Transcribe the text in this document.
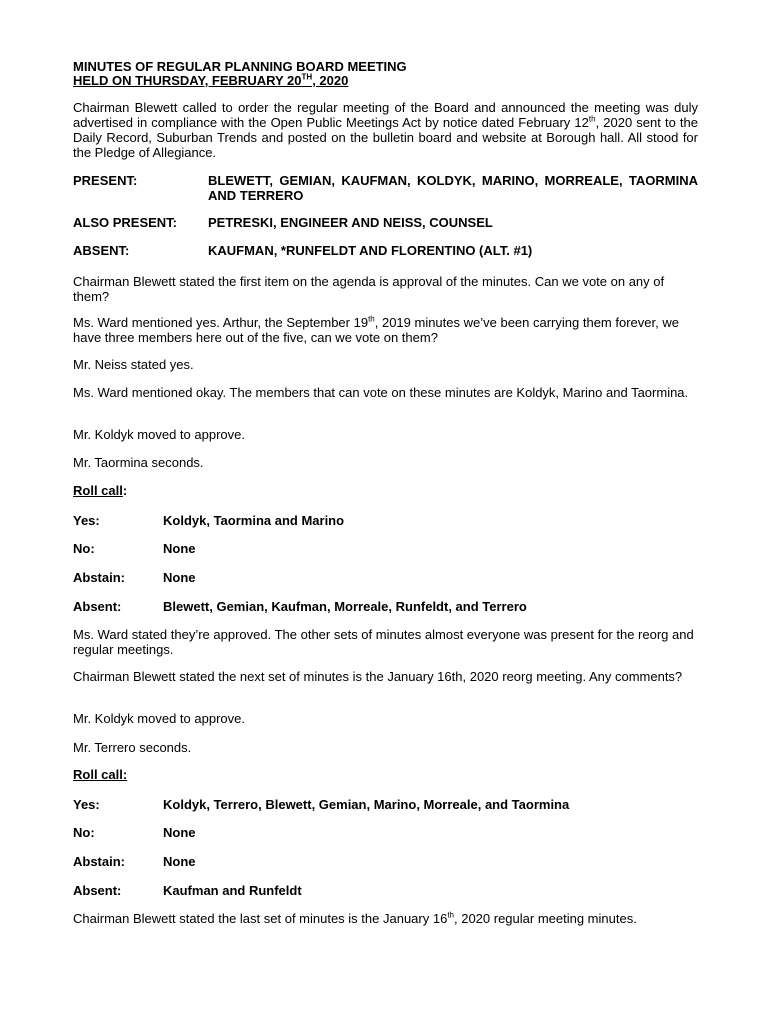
MINUTES OF REGULAR PLANNING BOARD MEETING
HELD ON THURSDAY, FEBRUARY 20TH, 2020
Chairman Blewett called to order the regular meeting of the Board and announced the meeting was duly advertised in compliance with the Open Public Meetings Act by notice dated February 12th, 2020 sent to the Daily Record, Suburban Trends and posted on the bulletin board and website at Borough hall. All stood for the Pledge of Allegiance.
PRESENT:	BLEWETT, GEMIAN, KAUFMAN, KOLDYK, MARINO, MORREALE, TAORMINA AND TERRERO
ALSO PRESENT: PETRESKI, ENGINEER AND NEISS, COUNSEL
ABSENT:	KAUFMAN, *RUNFELDT AND FLORENTINO (ALT. #1)
Chairman Blewett stated the first item on the agenda is approval of the minutes. Can we vote on any of them?
Ms. Ward mentioned yes. Arthur, the September 19th, 2019 minutes we’ve been carrying them forever, we have three members here out of the five, can we vote on them?
Mr. Neiss stated yes.
Ms. Ward mentioned okay. The members that can vote on these minutes are Koldyk, Marino and Taormina.
Mr. Koldyk moved to approve.
Mr. Taormina seconds.
Roll call:
Yes:	Koldyk, Taormina and Marino
No:	None
Abstain:	None
Absent:	Blewett, Gemian, Kaufman, Morreale, Runfeldt, and Terrero
Ms. Ward stated they’re approved. The other sets of minutes almost everyone was present for the reorg and regular meetings.
Chairman Blewett stated the next set of minutes is the January 16th, 2020 reorg meeting. Any comments?
Mr. Koldyk moved to approve.
Mr. Terrero seconds.
Roll call:
Yes:	Koldyk, Terrero, Blewett, Gemian, Marino, Morreale, and Taormina
No:	None
Abstain:	None
Absent:	Kaufman and Runfeldt
Chairman Blewett stated the last set of minutes is the January 16th, 2020 regular meeting minutes.
